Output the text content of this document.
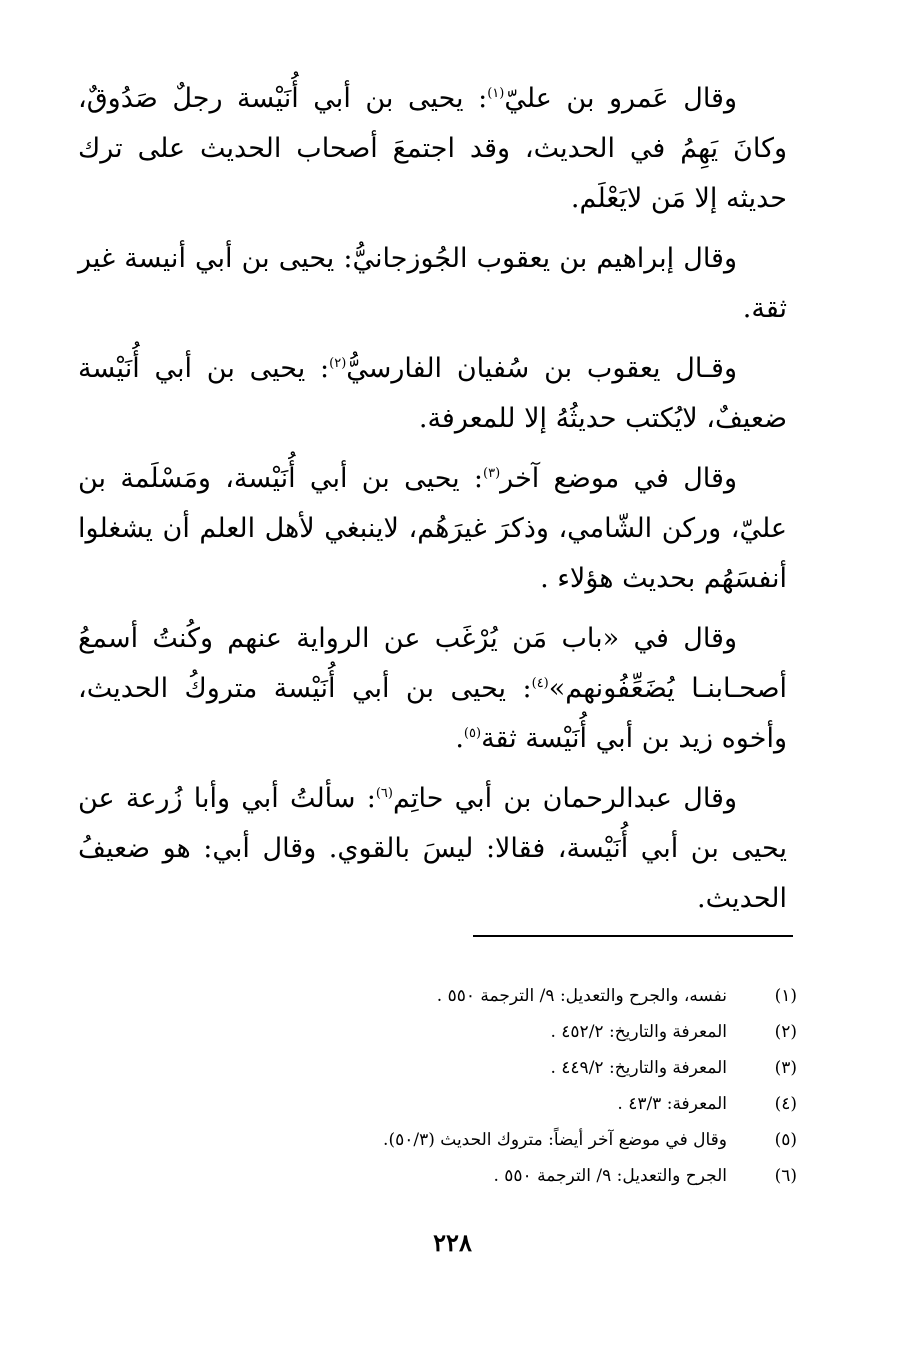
وقال عَمرو بن عليّ$^{(١)}$: يحيى بن أبي أُنَيْسة رجلٌ صَدُوقٌ، وكانَ يَهِمُ في الحديث، وقد اجتمعَ أصحاب الحديث على ترك حديثه إلا مَن لايَعْلَم.

وقال إبراهيم بن يعقوب الجُوزجانيُّ: يحيى بن أبي أنيسة غير ثقة.

وقـال يعقوب بن سُفيان الفارسيُّ$^{(٢)}$: يحيى بن أبي أُنَيْسة ضعيفٌ، لايُكتب حديثُهُ إلا للمعرفة.

وقال في موضع آخر$^{(٣)}$: يحيى بن أبي أُنَيْسة، ومَسْلَمة بن عليّ، وركن الشّامي، وذكرَ غيرَهُم، لاينبغي لأهل العلم أن يشغلوا أنفسَهُم بحديث هؤلاء .

وقال في «باب مَن يُرْغَب عن الرواية عنهم وكُنتُ أسمعُ أصحـابنـا يُضَعِّفُونهم»$^{(٤)}$: يحيى بن أبي أُنَيْسة متروكُ الحديث، وأخوه زيد بن أبي أُنَيْسة ثقة$^{(٥)}$.

وقال عبدالرحمان بن أبي حاتِم$^{(٦)}$: سألتُ أبي وأبا زُرعة عن يحيى بن أبي أُنَيْسة، فقالا: ليسَ بالقوي. وقال أبي: هو ضعيفُ الحديث.

(١)
نفسه، والجرح والتعديل: ٩/ الترجمة ٥٥٠ .
(٢)
المعرفة والتاريخ: ٤٥٢/٢ .
(٣)
المعرفة والتاريخ: ٤٤٩/٢ .
(٤)
المعرفة: ٤٣/٣ .
(٥)
وقال في موضع آخر أيضاً: متروك الحديث (٥٠/٣).
(٦)
الجرح والتعديل: ٩/ الترجمة ٥٥٠ .
٢٢٨
